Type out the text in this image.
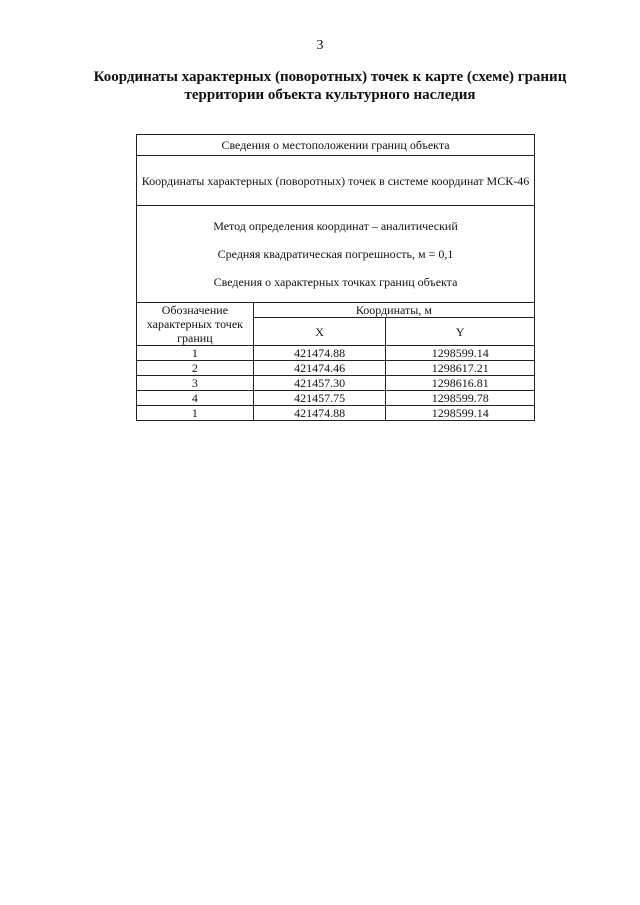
3
Координаты характерных (поворотных) точек к карте (схеме) границ
территории объекта культурного наследия
Сведения о местоположении границ объекта		
Координаты характерных (поворотных) точек в системе координат МСК-46		

Метод определения координат – аналитический

Средняя квадратическая погрешность, м = 0,1

Сведения о характерных точках границ объекта		

Обозначение характерных точек границ	Координаты, м	
	X	Y
1	421474.88	1298599.14
2	421474.46	1298617.21
3	421457.30	1298616.81
4	421457.75	1298599.78
1	421474.88	1298599.14
